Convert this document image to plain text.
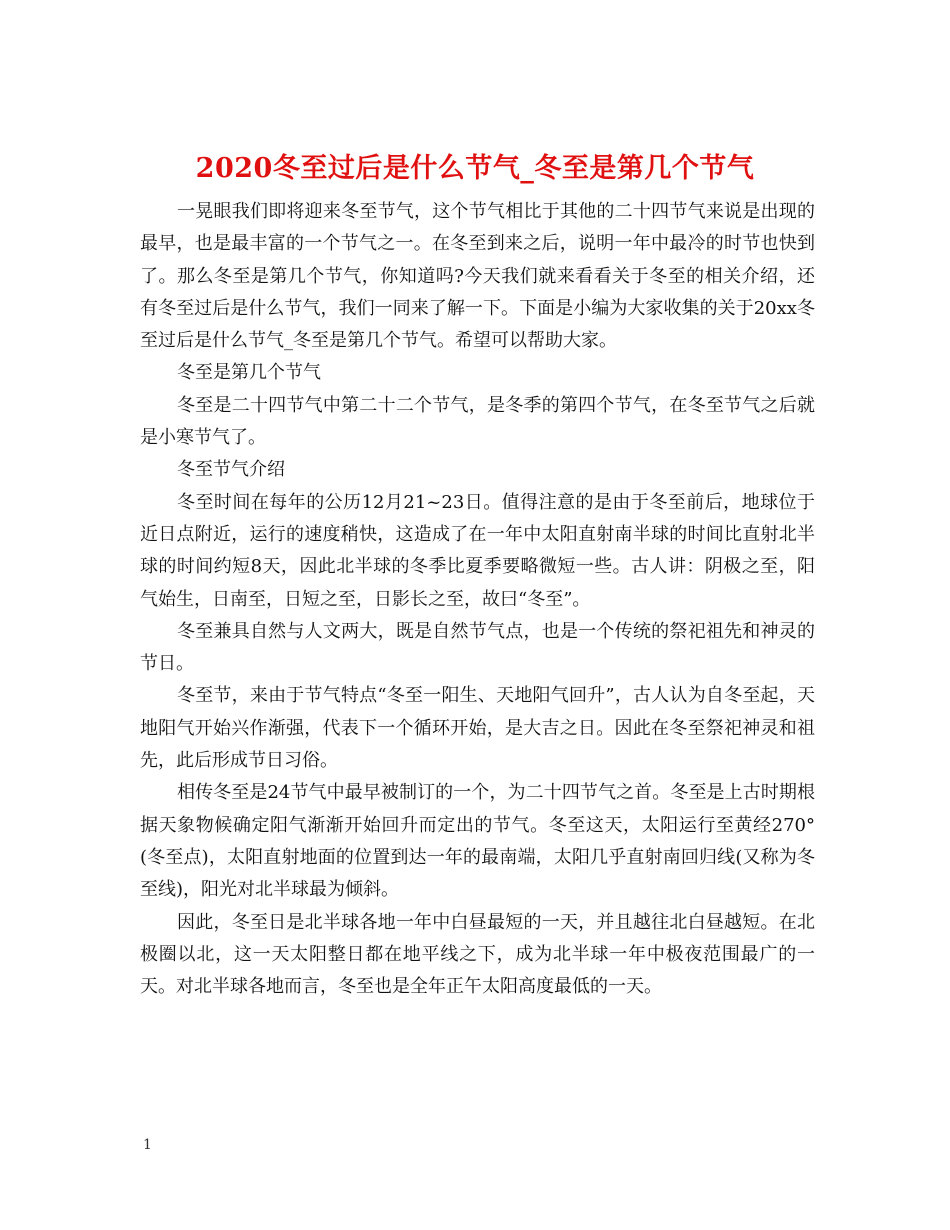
2020冬至过后是什么节气_冬至是第几个节气

一晃眼我们即将迎来冬至节气，这个节气相比于其他的二十四节气来说是出现的最早，也是最丰富的一个节气之一。在冬至到来之后，说明一年中最冷的时节也快到了。那么冬至是第几个节气，你知道吗?今天我们就来看看关于冬至的相关介绍，还有冬至过后是什么节气，我们一同来了解一下。下面是小编为大家收集的关于20xx冬至过后是什么节气_冬至是第几个节气。希望可以帮助大家。

冬至是第几个节气

冬至是二十四节气中第二十二个节气，是冬季的第四个节气，在冬至节气之后就是小寒节气了。

冬至节气介绍

冬至时间在每年的公历12月21~23日。值得注意的是由于冬至前后，地球位于近日点附近，运行的速度稍快，这造成了在一年中太阳直射南半球的时间比直射北半球的时间约短8天，因此北半球的冬季比夏季要略微短一些。古人讲：阴极之至，阳气始生，日南至，日短之至，日影长之至，故曰“冬至”。

冬至兼具自然与人文两大，既是自然节气点，也是一个传统的祭祀祖先和神灵的节日。

冬至节，来由于节气特点“冬至一阳生、天地阳气回升”，古人认为自冬至起，天地阳气开始兴作渐强，代表下一个循环开始，是大吉之日。因此在冬至祭祀神灵和祖先，此后形成节日习俗。

相传冬至是24节气中最早被制订的一个，为二十四节气之首。冬至是上古时期根据天象物候确定阳气渐渐开始回升而定出的节气。冬至这天，太阳运行至黄经270°(冬至点)，太阳直射地面的位置到达一年的最南端，太阳几乎直射南回归线(又称为冬至线)，阳光对北半球最为倾斜。

因此，冬至日是北半球各地一年中白昼最短的一天，并且越往北白昼越短。在北极圈以北，这一天太阳整日都在地平线之下，成为北半球一年中极夜范围最广的一天。对北半球各地而言，冬至也是全年正午太阳高度最低的一天。

1
